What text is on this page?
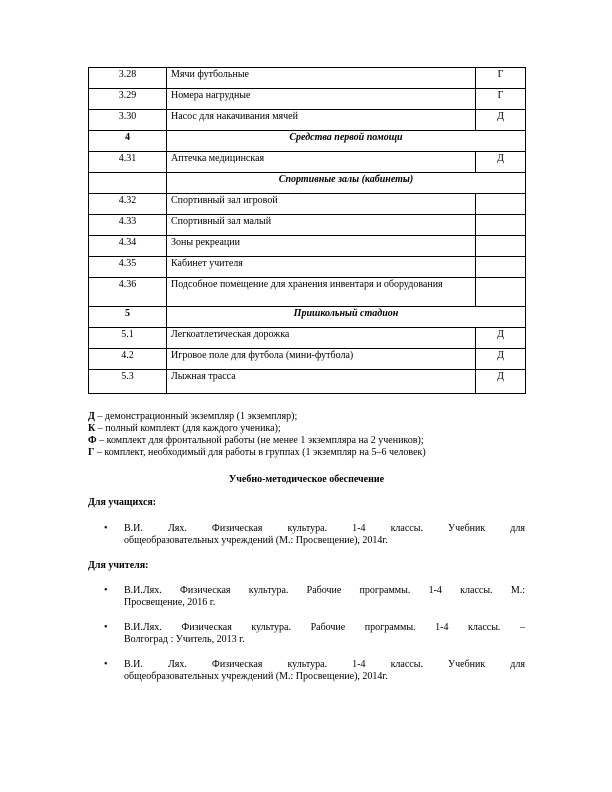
3.28	Мячи футбольные	Г
3.29	Номера нагрудные	Г
3.30	Насос для накачивания мячей	Д
4	Средства первой помощи	
4.31	Аптечка медицинская	Д
	Спортивные залы (кабинеты)	
4.32	Спортивный зал игровой	
4.33	Спортивный зал малый	
4.34	Зоны рекреации	
4.35	Кабинет учителя	
4.36	Подсобное помещение для хранения инвентаря и оборудования	
5	Пришкольный стадион	
5.1	Легкоатлетическая дорожка	Д
4.2	Игровое поле для футбола (мини-футбола)	Д
5.3	Лыжная трасса	Д
Д – демонстрационный экземпляр (1 экземпляр);
К – полный комплект (для каждого ученика);
Ф – комплект для фронтальной работы (не менее 1 экземпляра на 2 учеников);
Г – комплект, необходимый для работы в группах (1 экземпляр на 5–6 человек)
Учебно-методическое обеспечение
Для учащихся:
• В.И. Лях. Физическая культура. 1-4 классы. Учебник для
общеобразовательных учреждений (М.: Просвещение), 2014г.
Для учителя:
• В.И.Лях. Физическая культура. Рабочие программы. 1-4 классы. М.:
Просвещение, 2016 г.
• В.И.Лях. Физическая культура. Рабочие программы. 1-4 классы. –
Волгоград : Учитель, 2013 г.
• В.И. Лях. Физическая культура. 1-4 классы. Учебник для
общеобразовательных учреждений (М.: Просвещение), 2014г.
